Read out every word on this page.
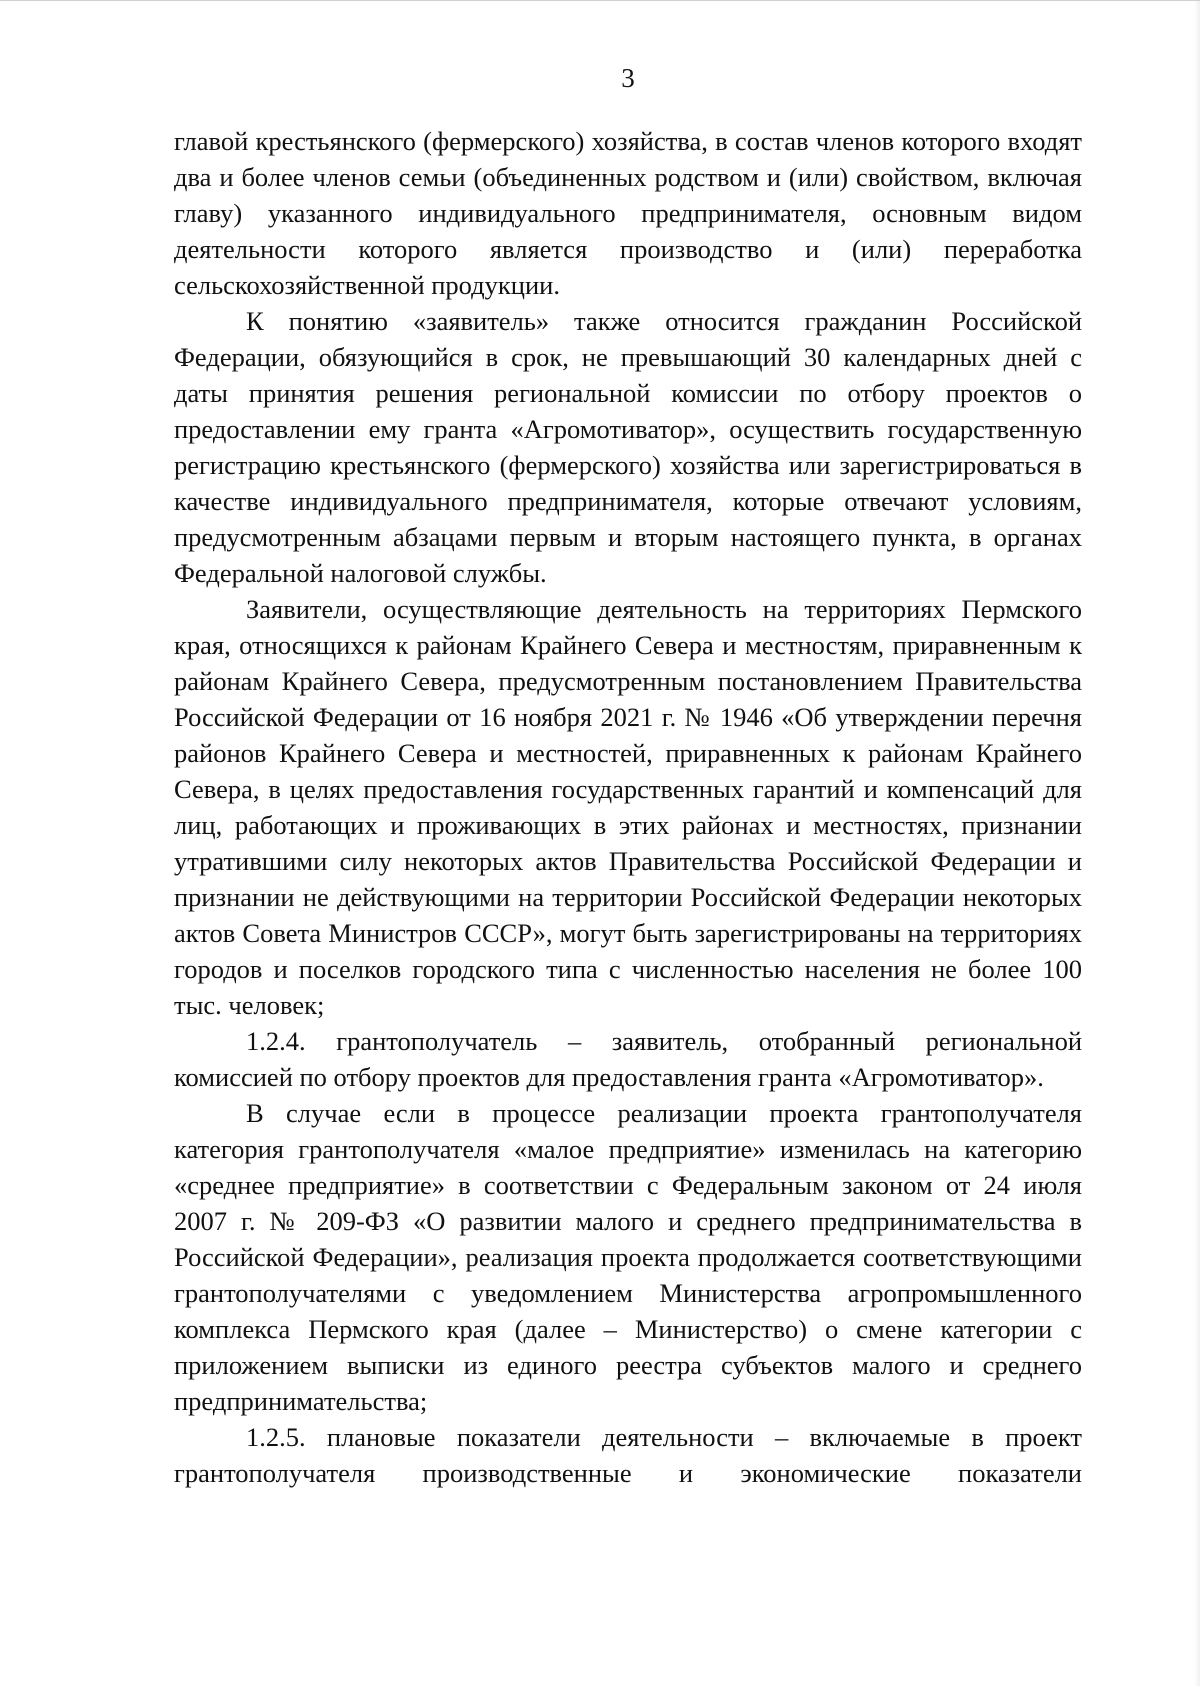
3

главой крестьянского (фермерского) хозяйства, в состав членов которого входят два и более членов семьи (объединенных родством и (или) свойством, включая главу) указанного индивидуального предпринимателя, основным видом деятельности которого является производство и (или) переработка сельскохозяйственной продукции.

К понятию «заявитель» также относится гражданин Российской Федерации, обязующийся в срок, не превышающий 30 календарных дней с даты принятия решения региональной комиссии по отбору проектов о предоставлении ему гранта «Агромотиватор», осуществить государственную регистрацию крестьянского (фермерского) хозяйства или зарегистрироваться в качестве индивидуального предпринимателя, которые отвечают условиям, предусмотренным абзацами первым и вторым настоящего пункта, в органах Федеральной налоговой службы.

Заявители, осуществляющие деятельность на территориях Пермского края, относящихся к районам Крайнего Севера и местностям, приравненным к районам Крайнего Севера, предусмотренным постановлением Правительства Российской Федерации от 16 ноября 2021 г. № 1946 «Об утверждении перечня районов Крайнего Севера и местностей, приравненных к районам Крайнего Севера, в целях предоставления государственных гарантий и компенсаций для лиц, работающих и проживающих в этих районах и местностях, признании утратившими силу некоторых актов Правительства Российской Федерации и признании не действующими на территории Российской Федерации некоторых актов Совета Министров СССР», могут быть зарегистрированы на территориях городов и поселков городского типа с численностью населения не более 100 тыс. человек;

1.2.4. грантополучатель – заявитель, отобранный региональной комиссией по отбору проектов для предоставления гранта «Агромотиватор».

В случае если в процессе реализации проекта грантополучателя категория грантополучателя «малое предприятие» изменилась на категорию «среднее предприятие» в соответствии с Федеральным законом от 24 июля 2007 г. № 209-ФЗ «О развитии малого и среднего предпринимательства в Российской Федерации», реализация проекта продолжается соответствующими грантополучателями с уведомлением Министерства агропромышленного комплекса Пермского края (далее – Министерство) о смене категории с приложением выписки из единого реестра субъектов малого и среднего предпринимательства;

1.2.5. плановые показатели деятельности – включаемые в проект грантополучателя производственные и экономические показатели
